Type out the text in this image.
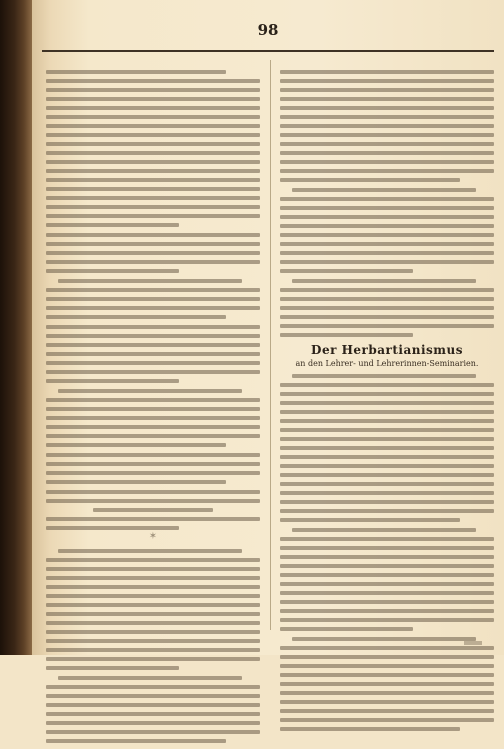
98
✶
Der Herbartianismus
an den Lehrer- und Lehrerinnen-Seminarien.
